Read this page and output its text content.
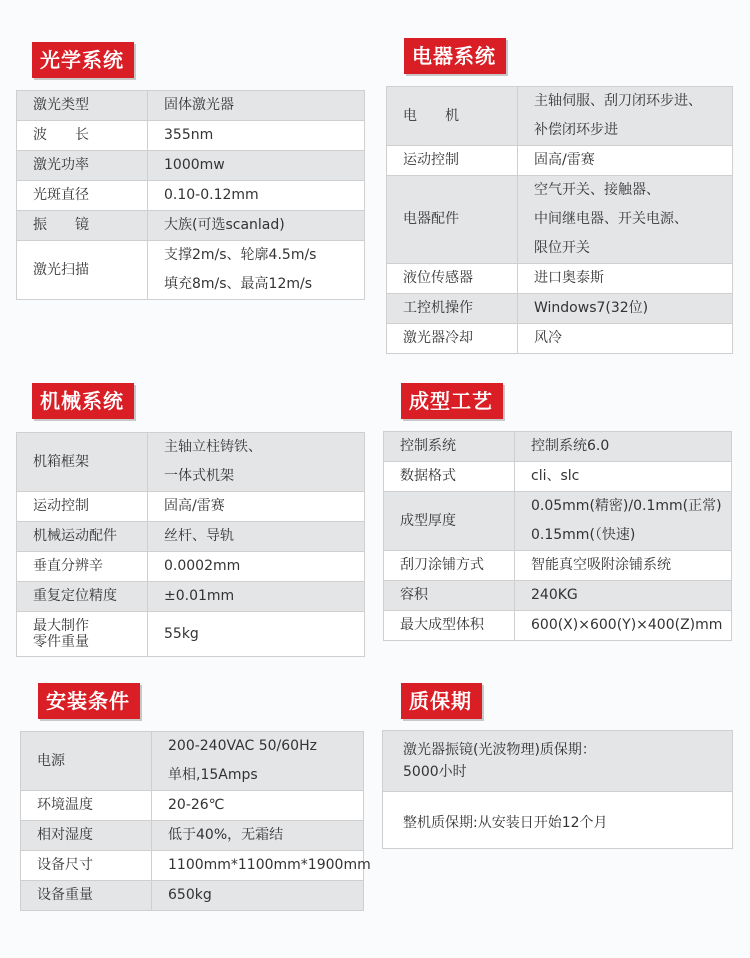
光学系统	电器系统
机械系统	成型工艺
安装条件	质保期
激光类型	固体激光器

波　　长	355nm

激光功率	1000mw

光斑直径	0.10-0.12mm

振　　镜	大族(可选scanlad)

激光扫描	支撑2m/s、轮廓4.5m/s
填充8m/s、最高12m/s
电　　机	主轴伺服、刮刀闭环步进、
补偿闭环步进

运动控制	固高/雷赛

电器配件	空气开关、接触器、
中间继电器、开关电源、
限位开关

液位传感器	进口奥泰斯

工控机操作	Windows7(32位)

激光器冷却	风冷
机箱框架	主轴立柱铸铁、
一体式机架

运动控制	固高/雷赛

机械运动配件	丝杆、导轨

垂直分辨辛	0.0002mm

重复定位精度	±0.01mm

最大制作
零件重量	55kg
控制系统	控制系统6.0

数据格式	cli、slc

成型厚度	0.05mm(精密)/0.1mm(正常)
0.15mm(（快速)

刮刀涂铺方式	智能真空吸附涂铺系统

容积	240KG

最大成型体积	600(X)×600(Y)×400(Z)mm
电源	200-240VAC 50/60Hz
单相,15Amps

环境温度	20-26℃

相对湿度	低于40%，无霜结

设备尺寸	1100mm*1100mm*1900mm

设备重量	650kg
激光器振镜(光波物理)质保期：
5000小时
整机质保期:从安装日开始12个月
